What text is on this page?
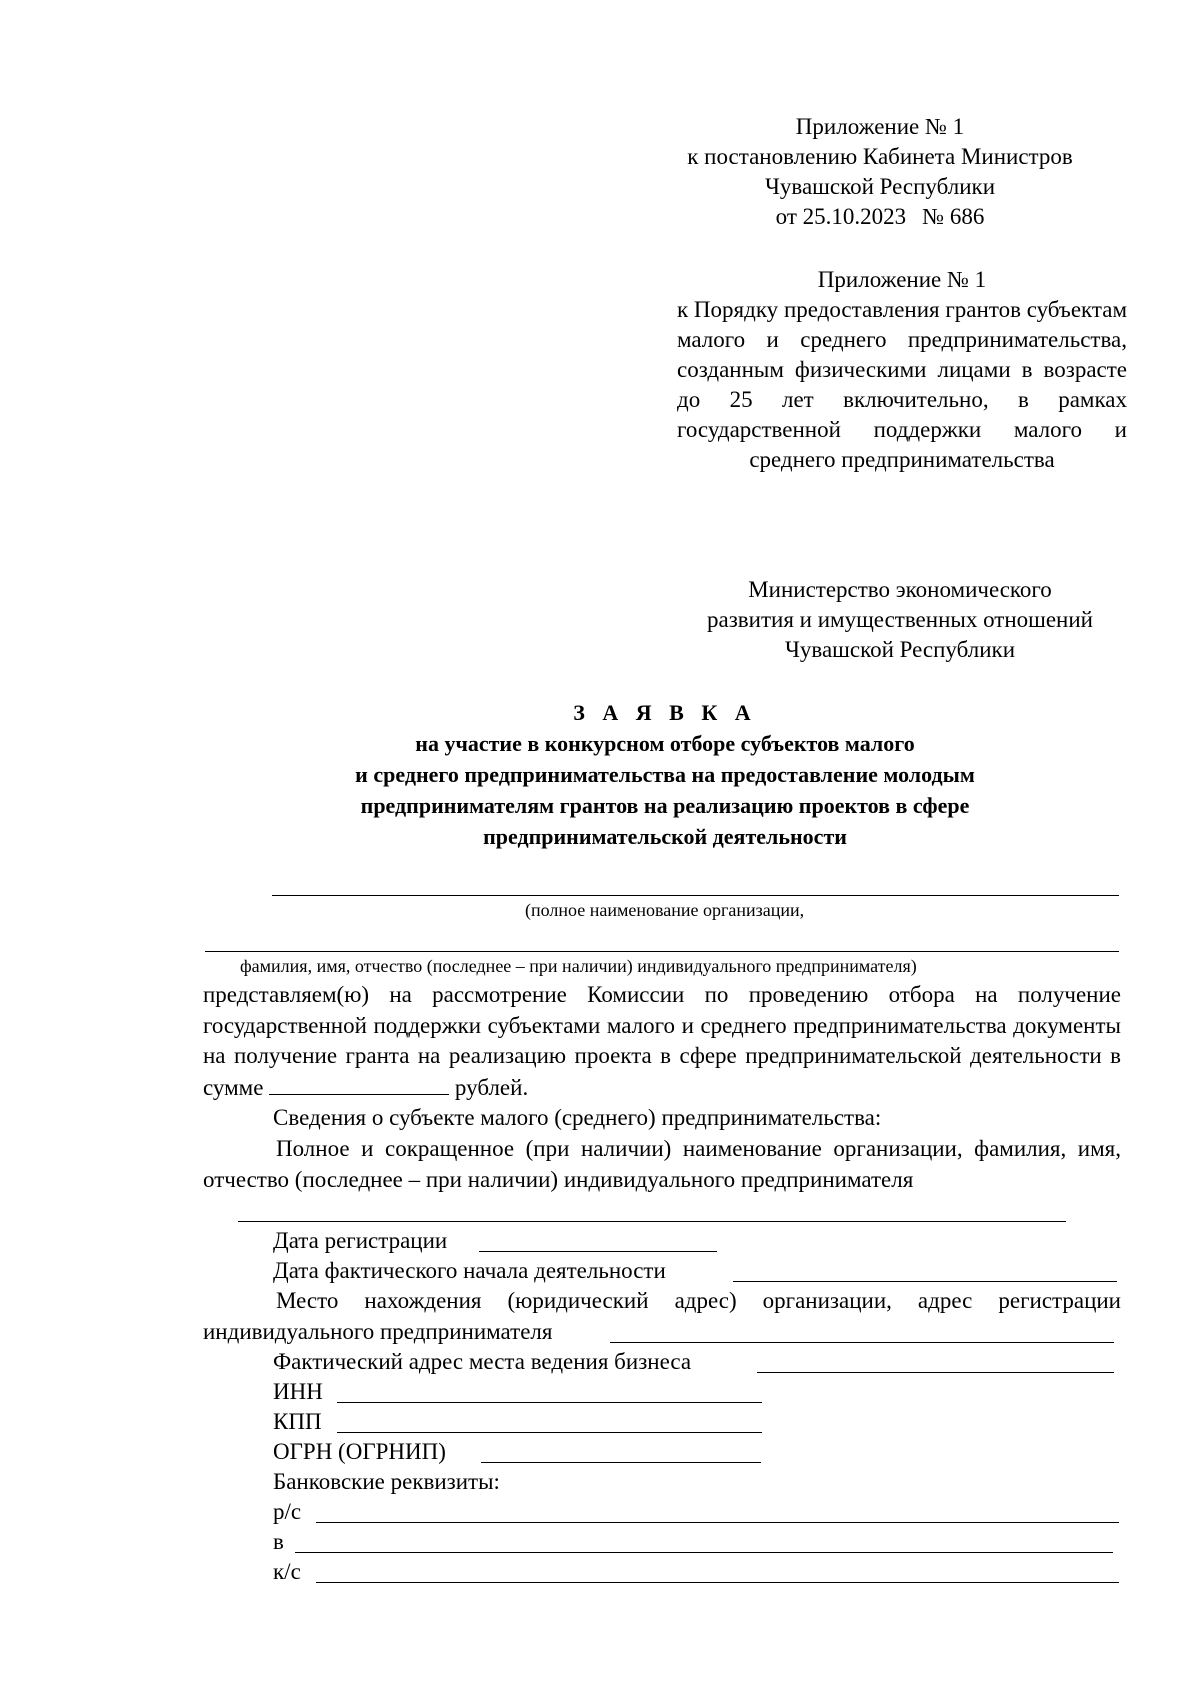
Приложение № 1
к постановлению Кабинета Министров
Чувашской Республики
от 25.10.2023 № 686
Приложение № 1
к Порядку предоставления грантов субъектам малого и среднего предпринимательства, созданным физическими лицами в возрасте до 25 лет включительно, в рамках государственной поддержки малого и среднего предпринимательства
Министерство экономического
развития и имущественных отношений
Чувашской Республики
З А Я В К А
на участие в конкурсном отборе субъектов малого
и среднего предпринимательства на предоставление молодым
предпринимателям грантов на реализацию проектов в сфере
предпринимательской деятельности
(полное наименование организации,
фамилия, имя, отчество (последнее – при наличии) индивидуального предпринимателя)
представляем(ю) на рассмотрение Комиссии по проведению отбора на получение государственной поддержки субъектами малого и среднего предпринимательства документы на получение гранта на реализацию проекта в сфере предпринимательской деятельности в сумме	рублей.
Сведения о субъекте малого (среднего) предпринимательства:
Полное и сокращенное (при наличии) наименование организации, фамилия, имя, отчество (последнее – при наличии) индивидуального предпринимателя
Дата регистрации
Дата фактического начала деятельности
Место нахождения (юридический адрес) организации, адрес регистрации индивидуального предпринимателя
Фактический адрес места ведения бизнеса
ИНН
КПП
ОГРН (ОГРНИП)
Банковские реквизиты:
р/с
в
к/с
